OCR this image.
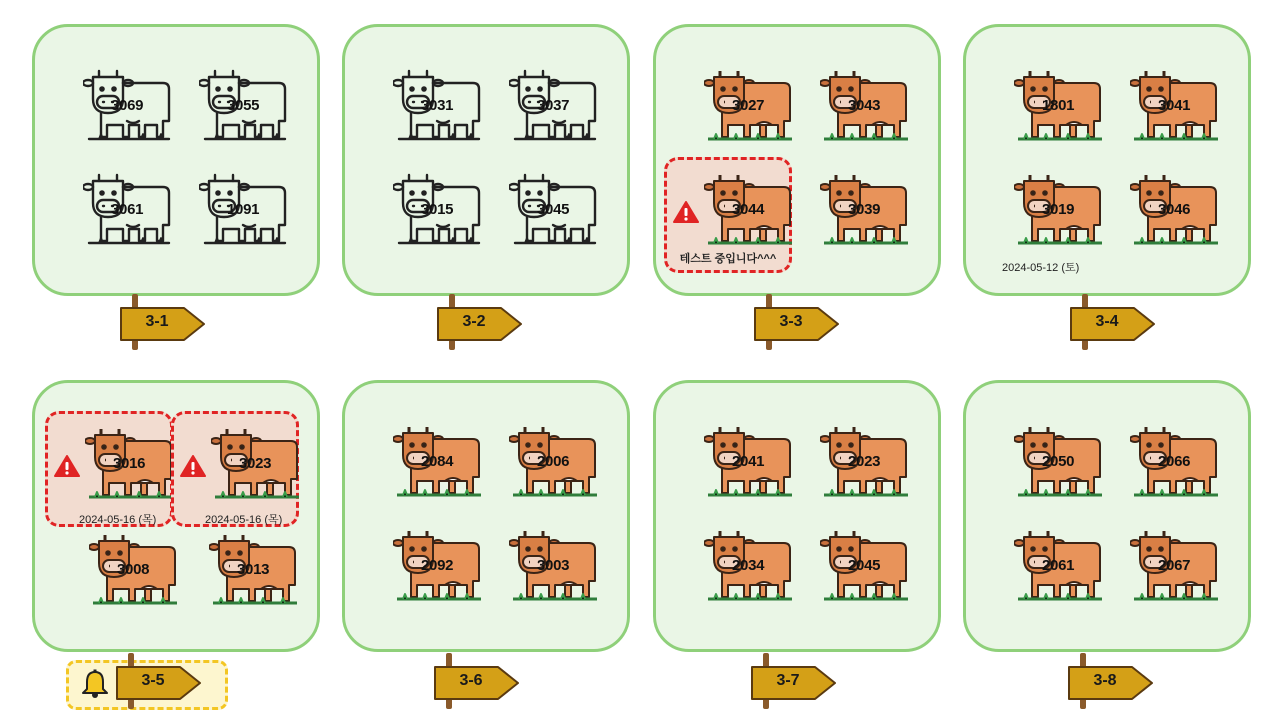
3069	3055
3061	1091
3-1
3031	3037
3015	3045
3-2
3027	3043
테스트 중입니다^^^
3044	3039
3-3
1801	3041
3019
2024-05-12 (토)
3046
3-4
3016
2024-05-16 (목)
3023
2024-05-16 (목)
3008	3013
3-5
2084	2006
2092	3003
3-6
2041	2023
2034	2045
3-7
2050	2066
2061	2067
3-8
